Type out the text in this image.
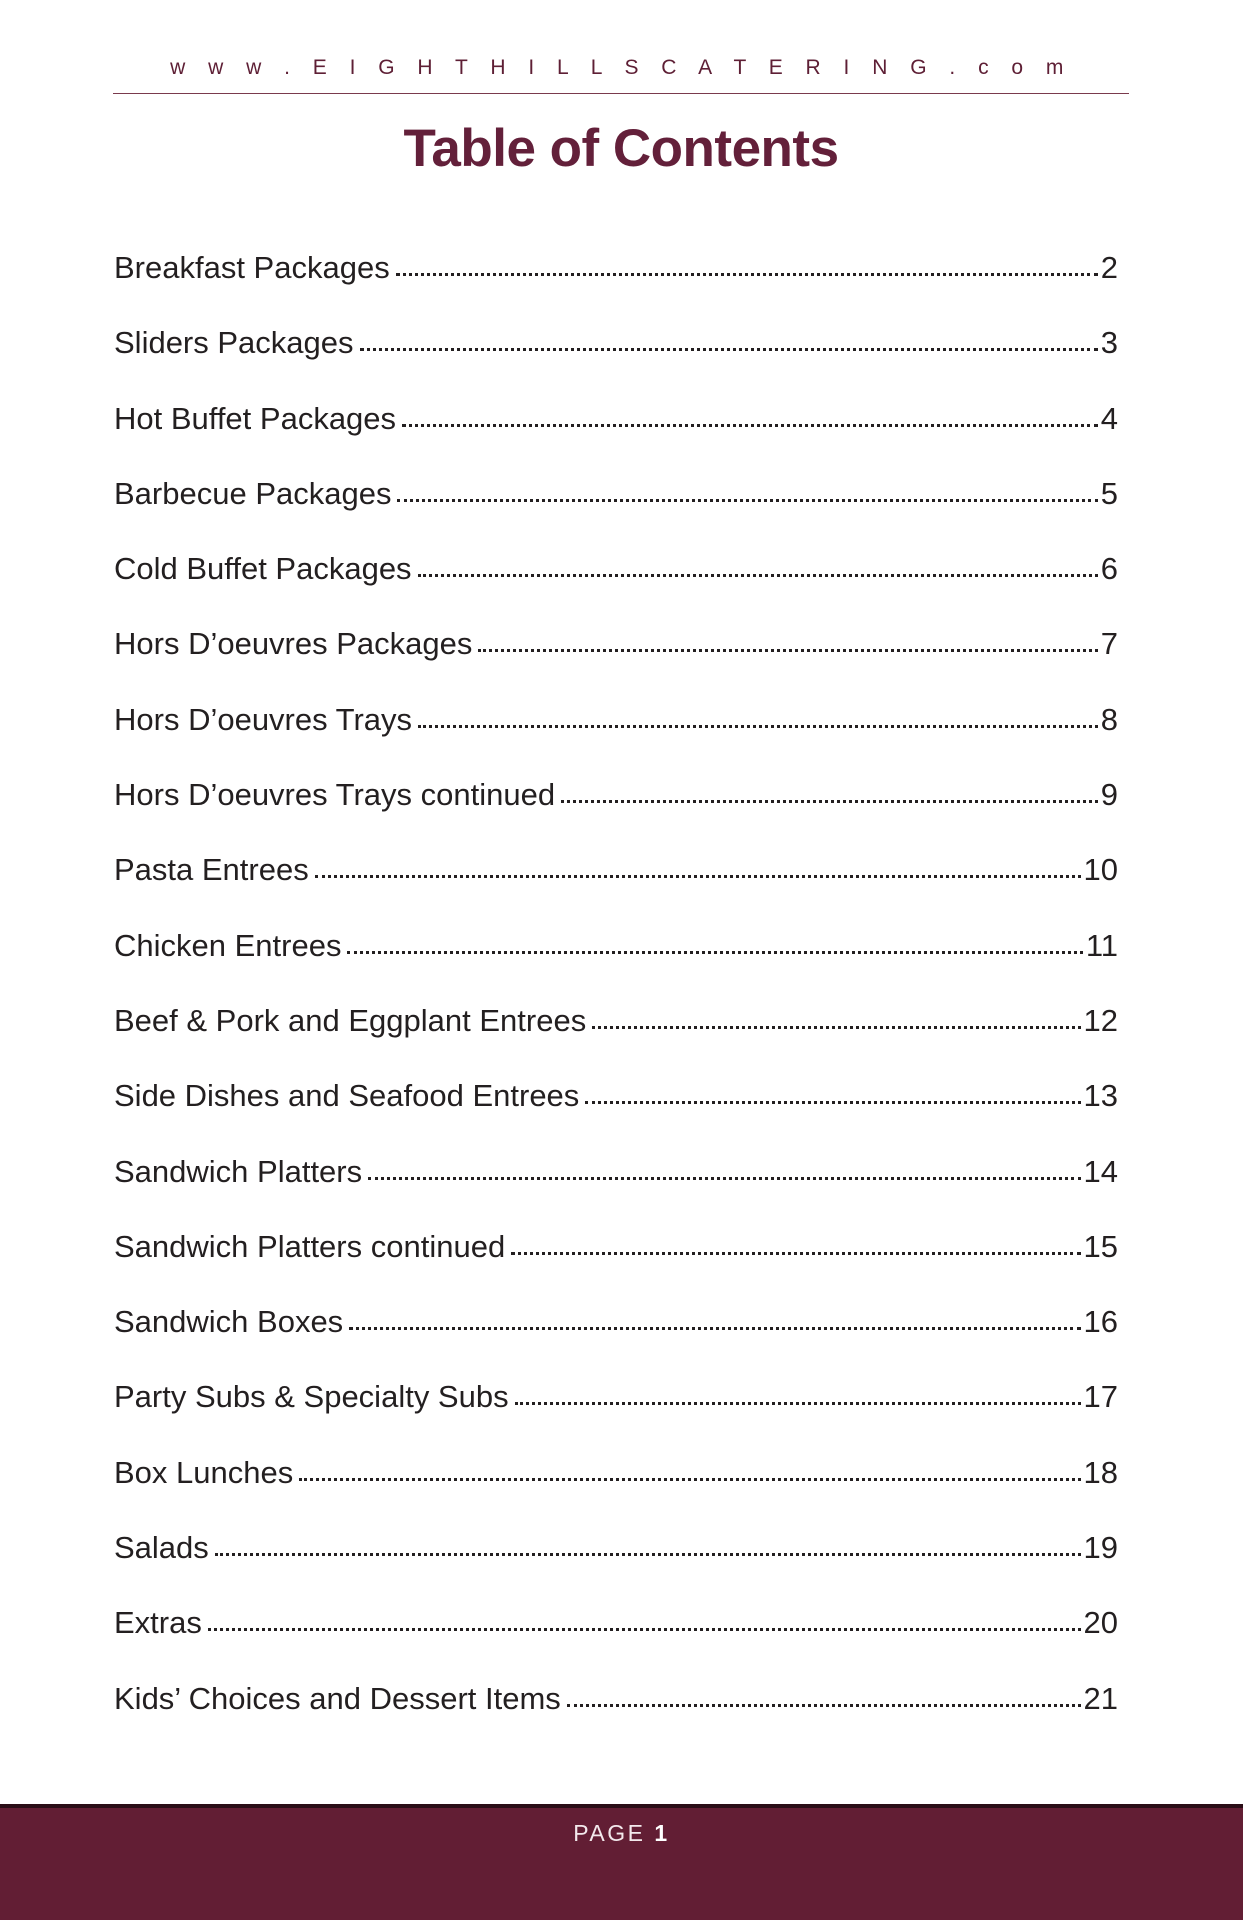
w w w . E I G H T H I L L S C A T E R I N G . c o m
Table of Contents
Breakfast Packages	2
Sliders Packages	3
Hot Buffet Packages	4
Barbecue Packages	5
Cold Buffet Packages	6
Hors D’oeuvres Packages	7
Hors D’oeuvres Trays	8
Hors D’oeuvres Trays continued	9
Pasta Entrees	10
Chicken Entrees	11
Beef & Pork and Eggplant Entrees	12
Side Dishes and Seafood Entrees	13
Sandwich Platters	14
Sandwich Platters continued	15
Sandwich Boxes	16
Party Subs & Specialty Subs	17
Box Lunches	18
Salads	19
Extras	20
Kids’ Choices and Dessert Items	21
PAGE 1
